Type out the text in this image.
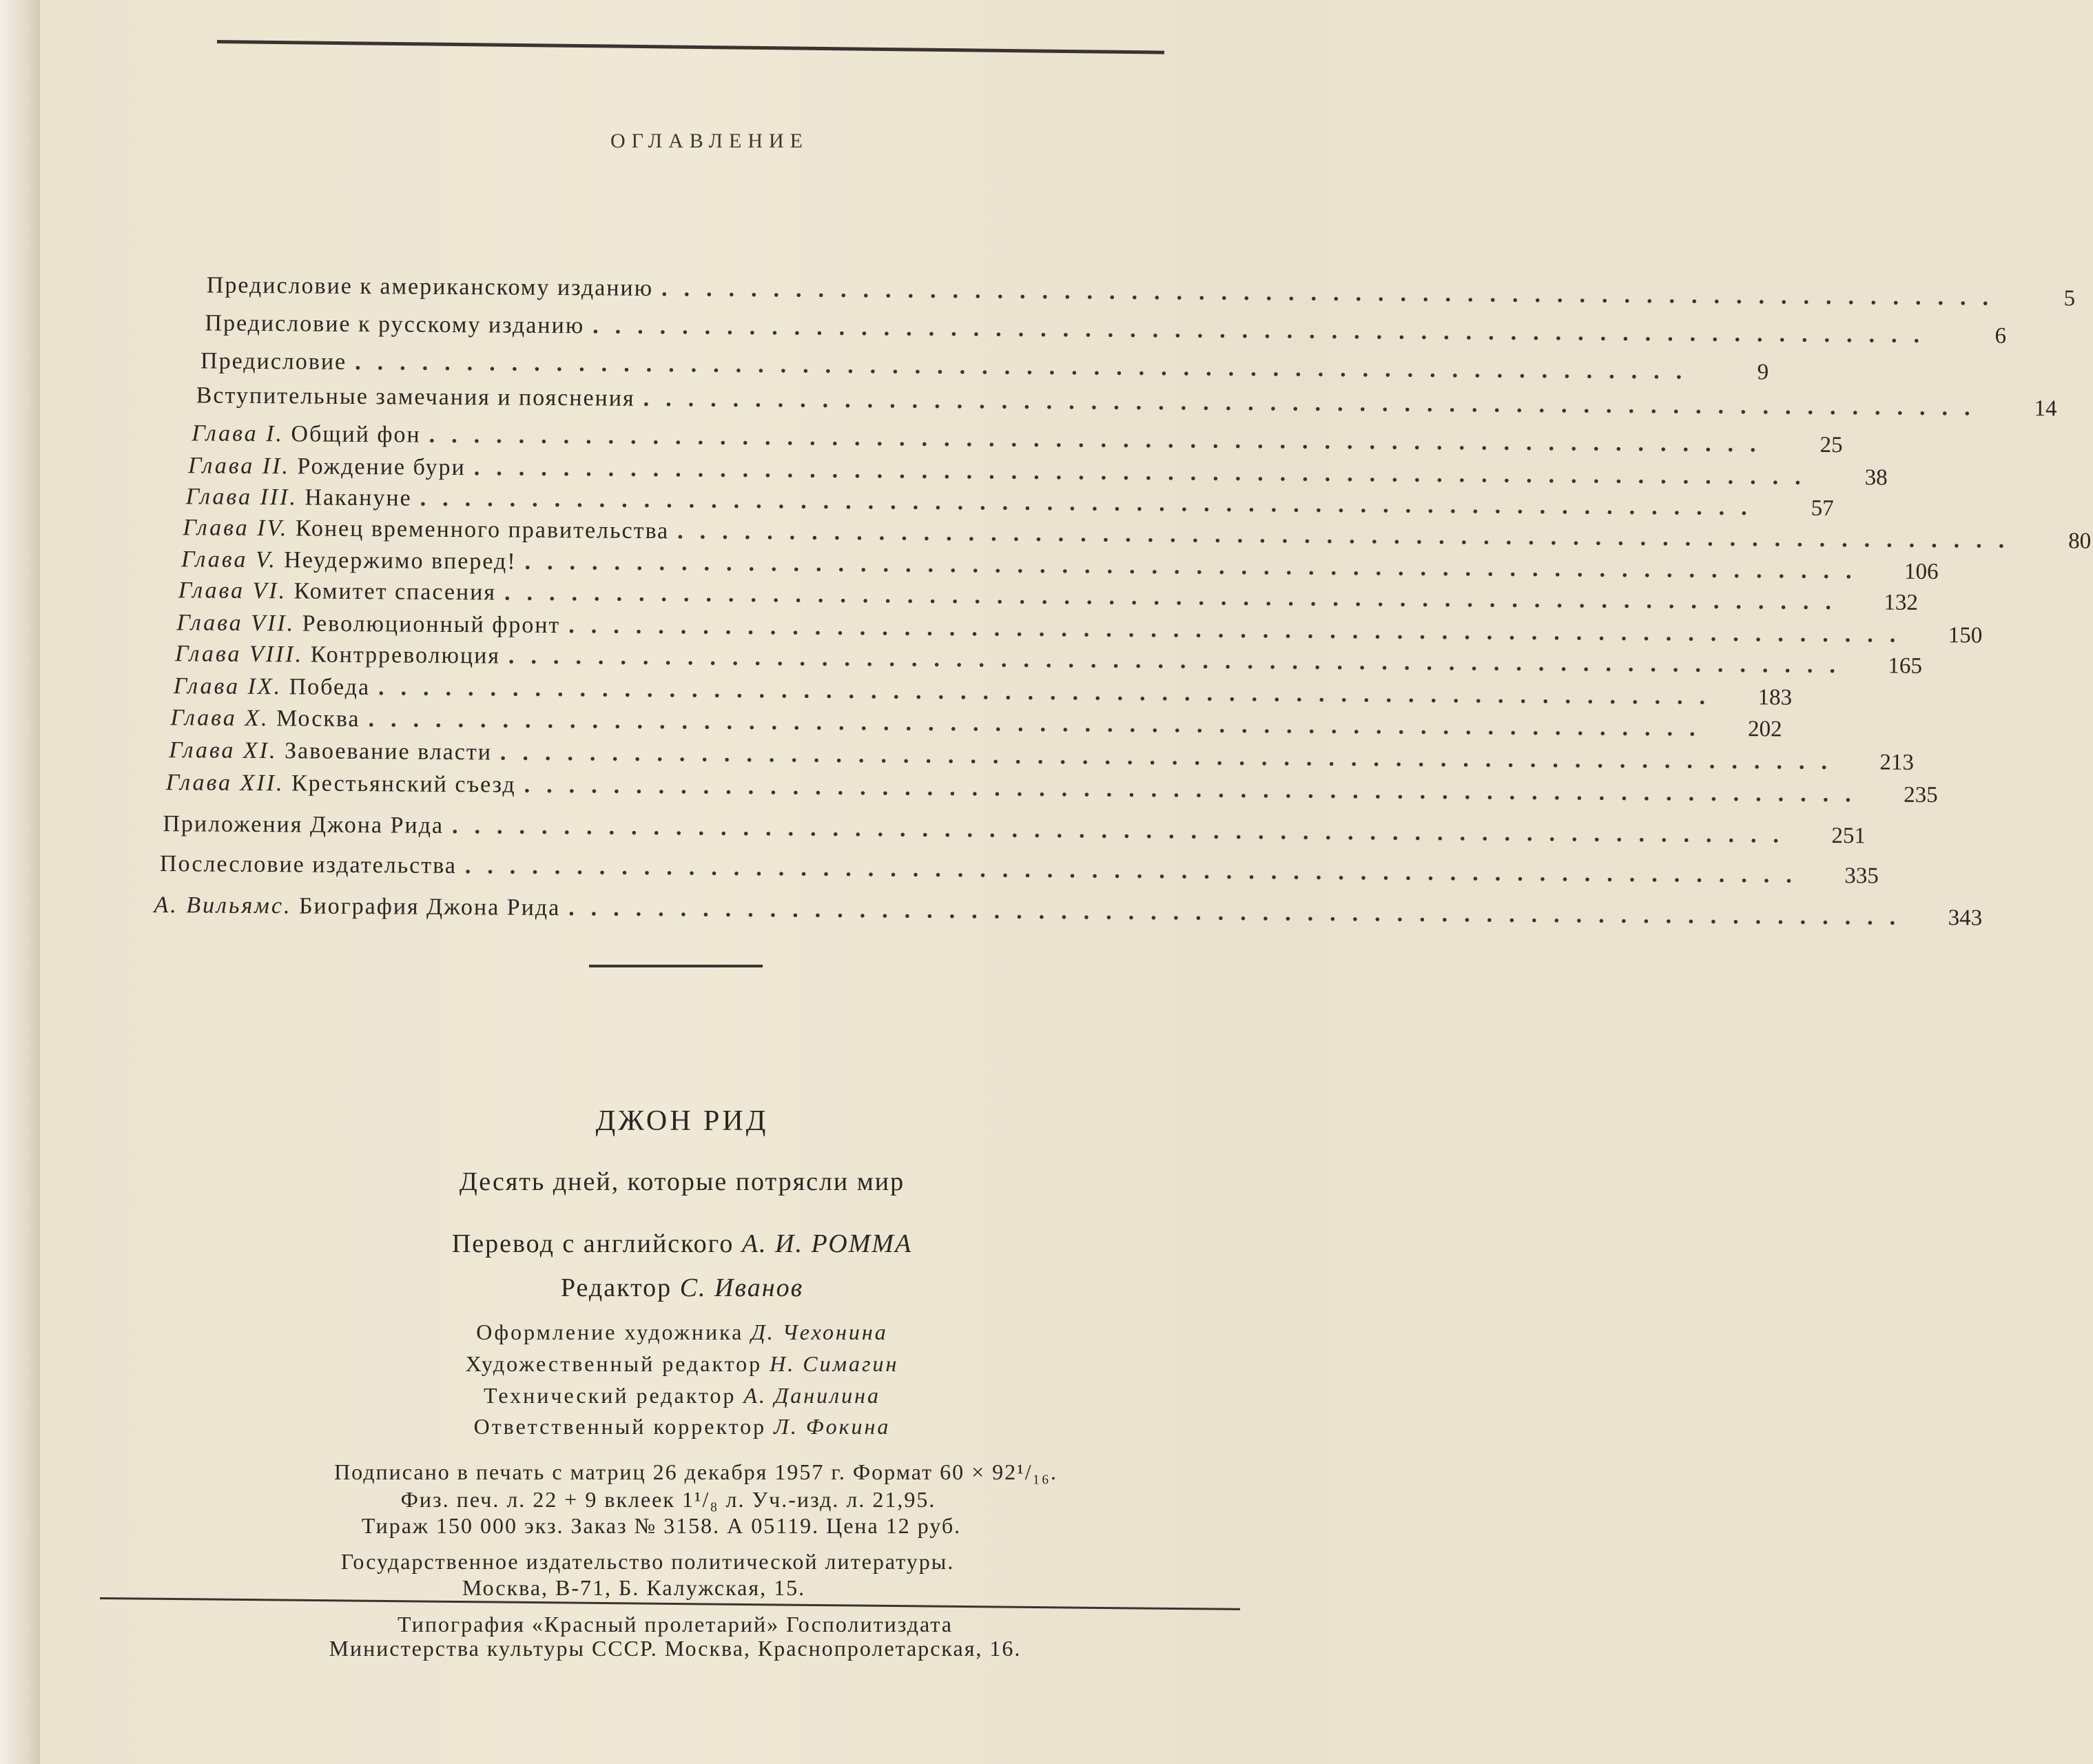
ОГЛАВЛЕНИЕ
Предисловие к американскому изданию ............................................................	5
Предисловие к русскому изданию ............................................................	6
Предисловие ............................................................	9
Вступительные замечания и пояснения ............................................................	14
Глава I. Общий фон ............................................................	25
Глава II. Рождение бури ............................................................	38
Глава III. Накануне ............................................................	57
Глава IV. Конец временного правительства ............................................................	80
Глава V. Неудержимо вперед! ............................................................	106
Глава VI. Комитет спасения ............................................................	132
Глава VII. Революционный фронт ............................................................	150
Глава VIII. Контрреволюция ............................................................	165
Глава IX. Победа ............................................................	183
Глава X. Москва ............................................................	202
Глава XI. Завоевание власти ............................................................	213
Глава XII. Крестьянский съезд ............................................................	235
Приложения Джона Рида ............................................................	251
Послесловие издательства ............................................................	335
А. Вильямс. Биография Джона Рида ............................................................	343
ДЖОН РИД
Десять дней, которые потрясли мир
Перевод с английского А. И. РОММА
Редактор С. Иванов
Оформление художника Д. Чехонина
Художественный редактор Н. Симагин
Технический редактор А. Данилина
Ответственный корректор Л. Фокина
Подписано в печать с матриц 26 декабря 1957 г. Формат 60 × 92¹/₁₆.
Физ. печ. л. 22 + 9 вклеек 1¹/₈ л. Уч.-изд. л. 21,95.
Тираж 150 000 экз. Заказ № 3158. А 05119. Цена 12 руб.
Государственное издательство политической литературы.
Москва, В-71, Б. Калужская, 15.
Типография «Красный пролетарий» Госполитиздата
Министерства культуры СССР. Москва, Краснопролетарская, 16.
